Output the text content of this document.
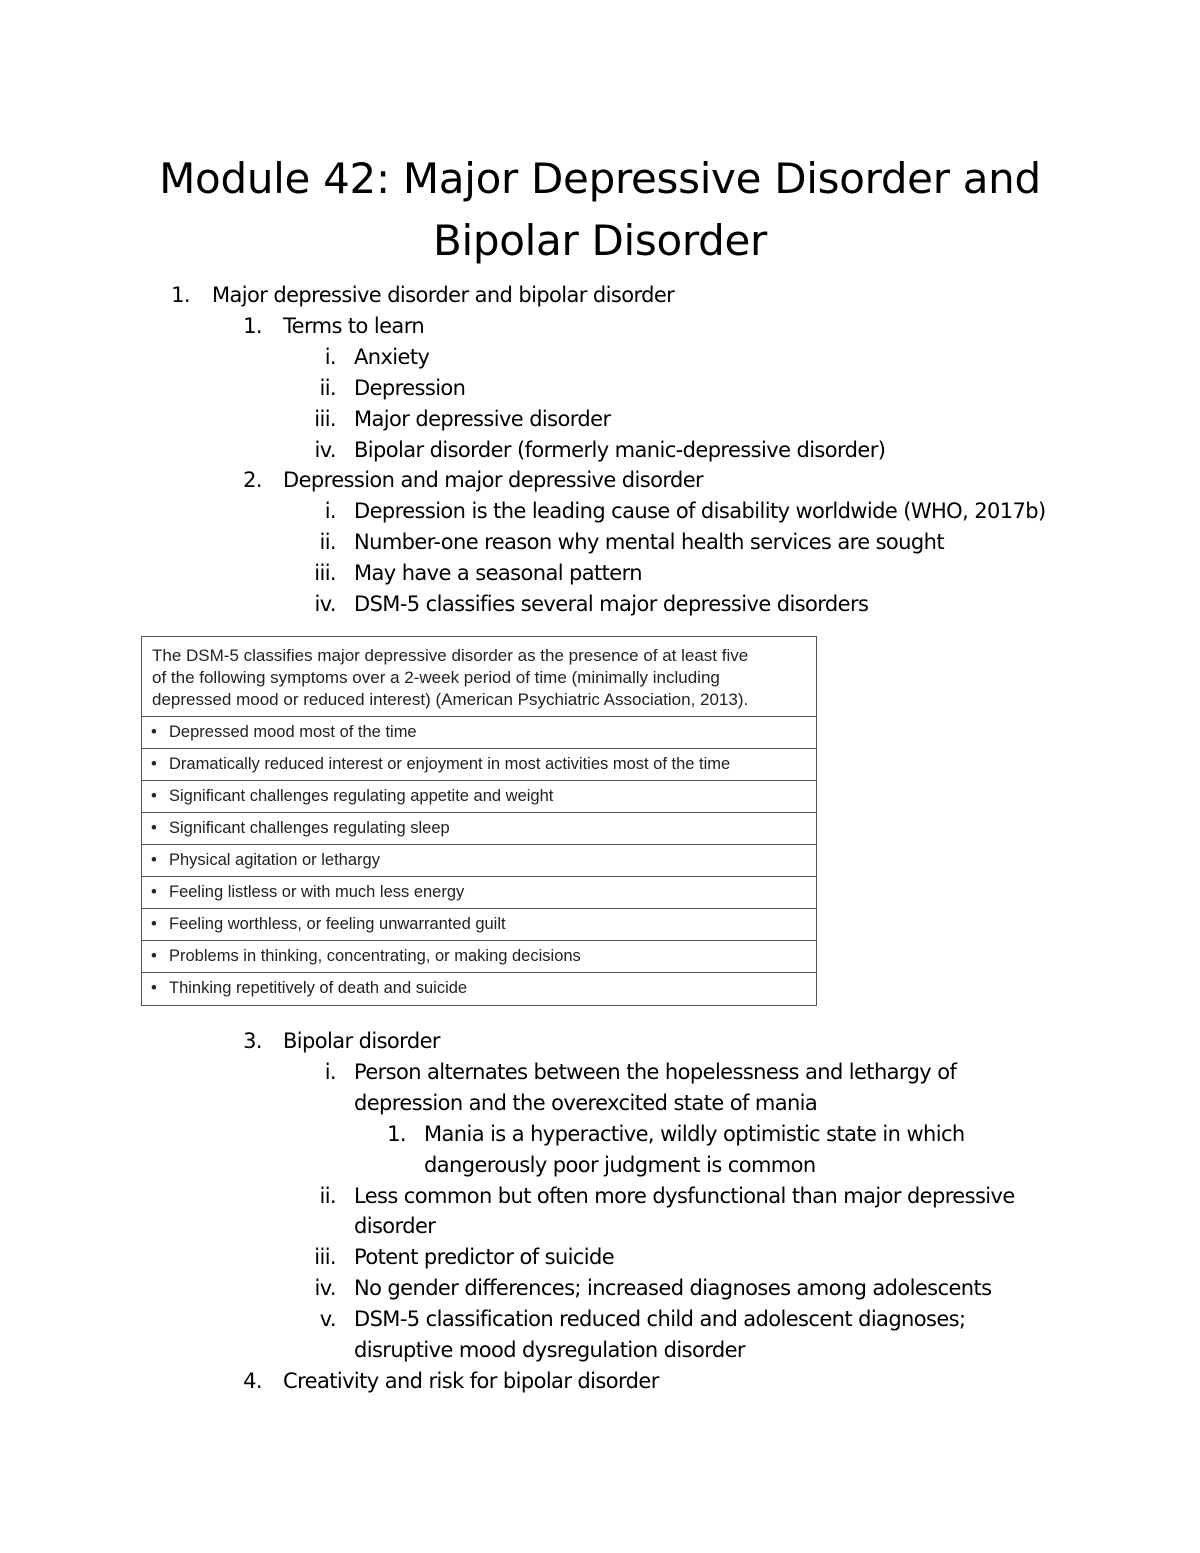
Module 42: Major Depressive Disorder and
Bipolar Disorder
1. Major depressive disorder and bipolar disorder
1. Terms to learn
i. Anxiety
ii. Depression
iii. Major depressive disorder
iv. Bipolar disorder (formerly manic-depressive disorder)
2. Depression and major depressive disorder
i. Depression is the leading cause of disability worldwide (WHO, 2017b)
ii. Number-one reason why mental health services are sought
iii. May have a seasonal pattern
iv. DSM-5 classifies several major depressive disorders
The DSM-5 classifies major depressive disorder as the presence of at least five
of the following symptoms over a 2-week period of time (minimally including
depressed mood or reduced interest) (American Psychiatric Association, 2013).
• Depressed mood most of the time
• Dramatically reduced interest or enjoyment in most activities most of the time
• Significant challenges regulating appetite and weight
• Significant challenges regulating sleep
• Physical agitation or lethargy
• Feeling listless or with much less energy
• Feeling worthless, or feeling unwarranted guilt
• Problems in thinking, concentrating, or making decisions
• Thinking repetitively of death and suicide
3. Bipolar disorder
i. Person alternates between the hopelessness and lethargy of
depression and the overexcited state of mania
1. Mania is a hyperactive, wildly optimistic state in which
dangerously poor judgment is common
ii. Less common but often more dysfunctional than major depressive
disorder
iii. Potent predictor of suicide
iv. No gender differences; increased diagnoses among adolescents
v. DSM-5 classification reduced child and adolescent diagnoses;
disruptive mood dysregulation disorder
4. Creativity and risk for bipolar disorder
